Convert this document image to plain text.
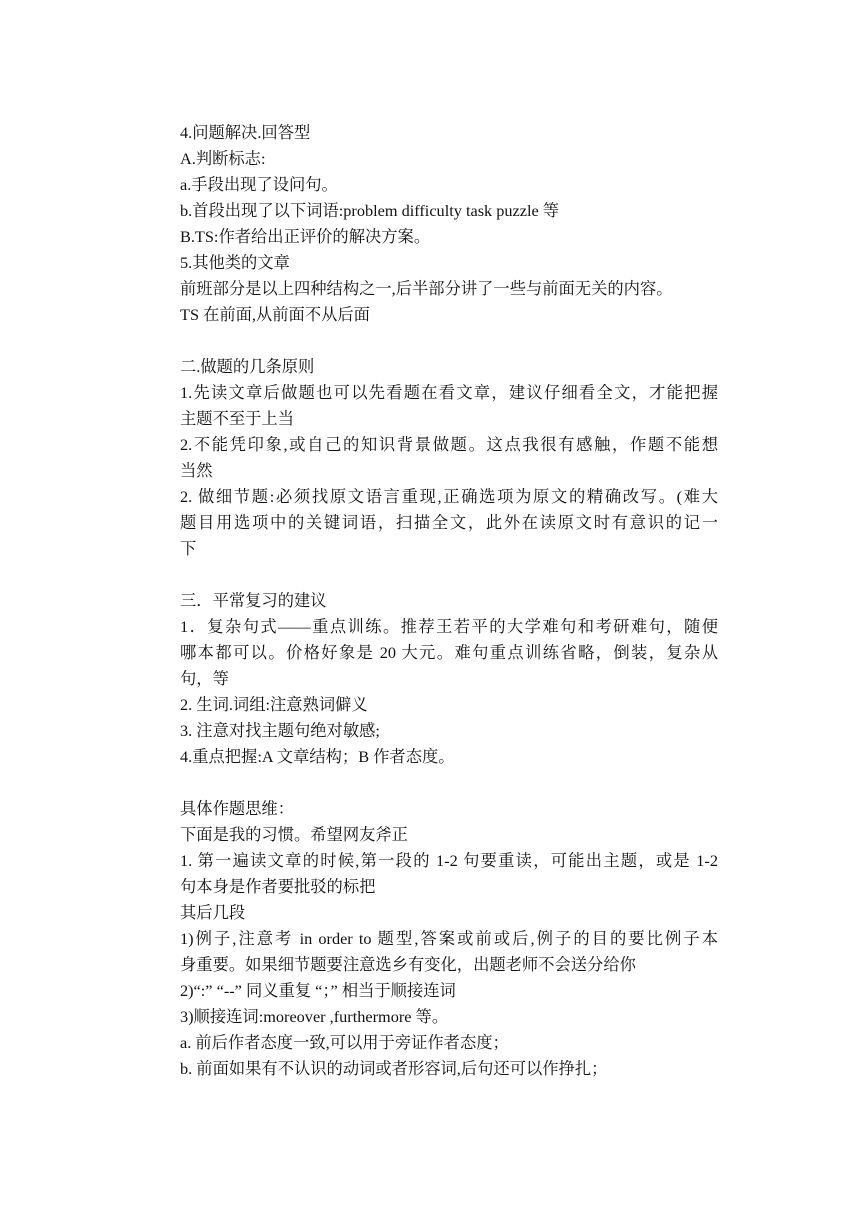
4.问题解决.回答型
A.判断标志:
a.手段出现了设问句。
b.首段出现了以下词语:problem difficulty task puzzle 等
B.TS:作者给出正评价的解决方案。
5.其他类的文章
前班部分是以上四种结构之一,后半部分讲了一些与前面无关的内容。
TS 在前面,从前面不从后面
二.做题的几条原则
1.先读文章后做题也可以先看题在看文章，建议仔细看全文，才能把握
主题不至于上当
2.不能凭印象,或自己的知识背景做题。这点我很有感触，作题不能想
当然
2. 做细节题:必须找原文语言重现,正确选项为原文的精确改写。(难大
题目用选项中的关键词语，扫描全文，此外在读原文时有意识的记一
下
三．平常复习的建议
1．复杂句式——重点训练。推荐王若平的大学难句和考研难句，随便
哪本都可以。价格好象是 20 大元。难句重点训练省略，倒装，复杂从
句，等
2. 生词.词组:注意熟词僻义
3. 注意对找主题句绝对敏感;
4.重点把握:A 文章结构；B 作者态度。
具体作题思维：
下面是我的习惯。希望网友斧正
1. 第一遍读文章的时候,第一段的 1-2 句要重读，可能出主题，或是 1-2
句本身是作者要批驳的标把
其后几段
1)例子,注意考 in order to 题型,答案或前或后,例子的目的要比例子本
身重要。如果细节题要注意选乡有变化，出题老师不会送分给你
2)“:” “--” 同义重复 “；” 相当于顺接连词
3)顺接连词:moreover ,furthermore 等。
a. 前后作者态度一致,可以用于旁证作者态度；
b. 前面如果有不认识的动词或者形容词,后句还可以作挣扎；
